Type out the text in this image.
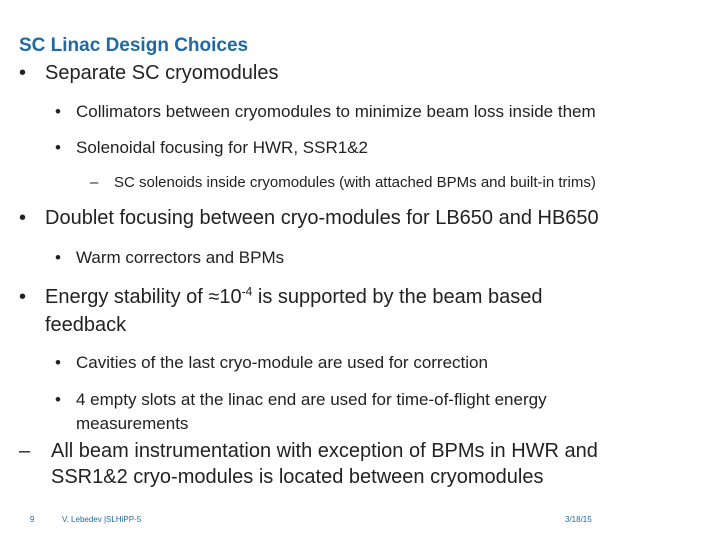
SC Linac Design Choices
• Separate SC cryomodules
• Collimators between cryomodules to minimize beam loss inside them
• Solenoidal focusing for HWR, SSR1&2
– SC solenoids inside cryomodules (with attached BPMs and built-in trims)
• Doublet focusing between cryo-modules for LB650 and HB650
• Warm correctors and BPMs
• Energy stability of $\approx 10^{-4}$ is supported by the beam based
feedback
• Cavities of the last cryo-module are used for correction
• 4 empty slots at the linac end are used for time-of-flight energy
measurements
– All beam instrumentation with exception of BPMs in HWR and
SSR1&2 cryo-modules is located between cryomodules
9	V. Lebedev |SLHiPP-5	3/18/15
